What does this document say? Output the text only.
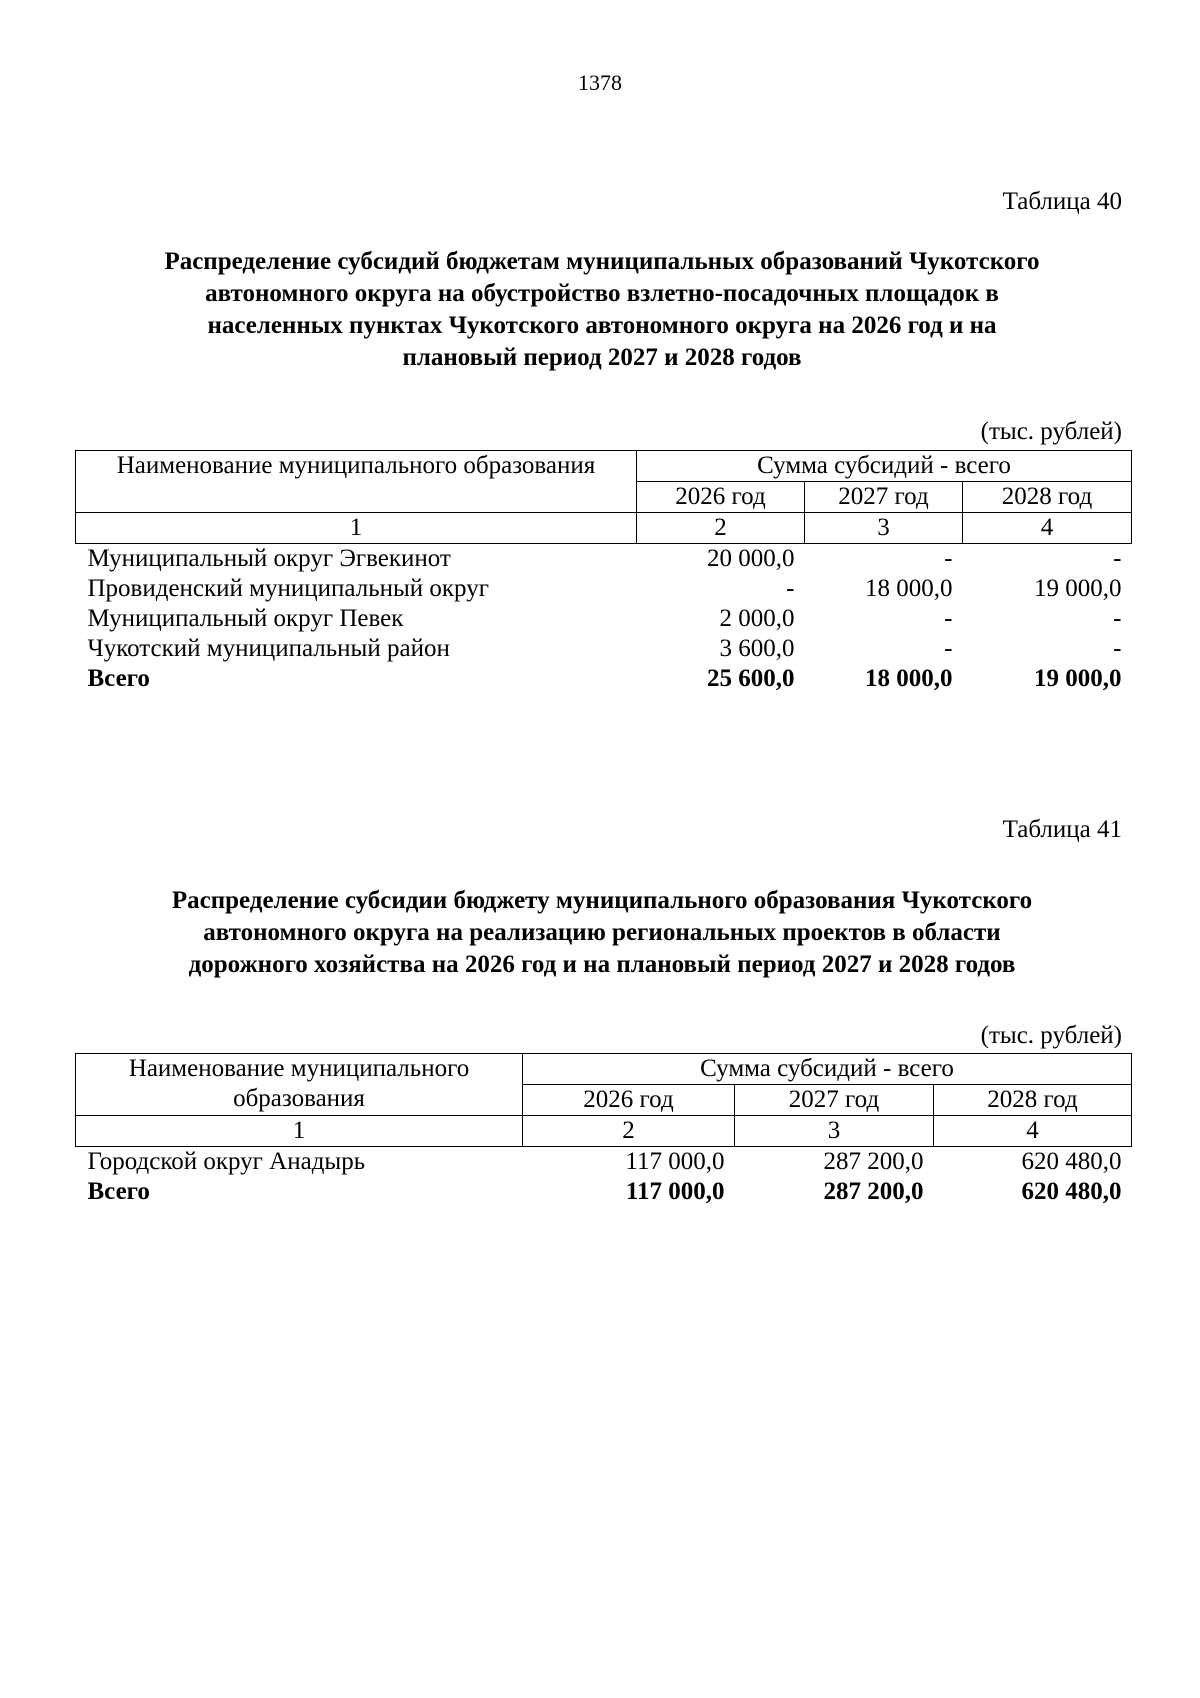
1378
Таблица 40
Распределение субсидий бюджетам муниципальных образований Чукотского
автономного округа на обустройство взлетно-посадочных площадок в
населенных пунктах Чукотского автономного округа на 2026 год и на
плановый период 2027 и 2028 годов
(тыс. рублей)
Наименование муниципального образования	Сумма субсидий - всего		
	2026 год	2027 год	2028 год
1	2	3	4
Муниципальный округ Эгвекинот	20 000,0	-	-
Провиденский муниципальный округ	-	18 000,0	19 000,0
Муниципальный округ Певек	2 000,0	-	-
Чукотский муниципальный район	3 600,0	-	-
Всего	25 600,0	18 000,0	19 000,0
Таблица 41
Распределение субсидии бюджету муниципального образования Чукотского
автономного округа на реализацию региональных проектов в области
дорожного хозяйства на 2026 год и на плановый период 2027 и 2028 годов
(тыс. рублей)
Наименование муниципального образования	Сумма субсидий - всего		
	2026 год	2027 год	2028 год
1	2	3	4
Городской округ Анадырь	117 000,0	287 200,0	620 480,0
Всего	117 000,0	287 200,0	620 480,0
